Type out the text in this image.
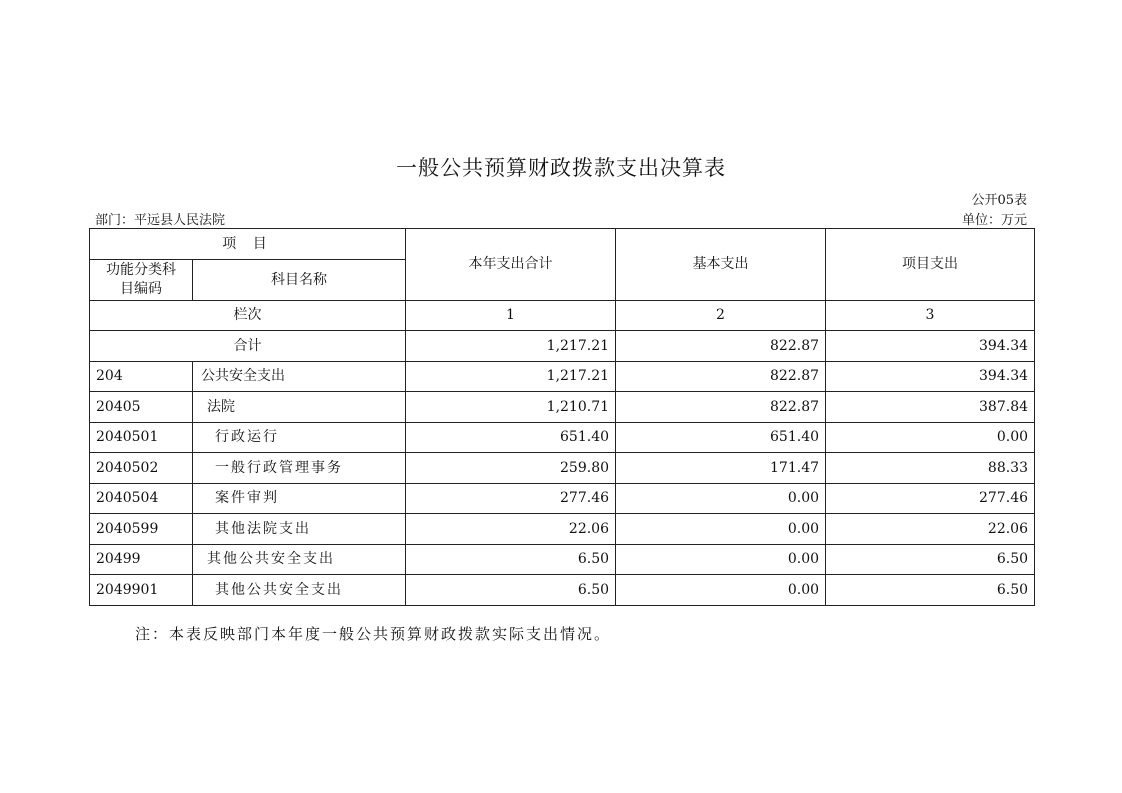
一般公共预算财政拨款支出决算表
公开05表
部门：平远县人民法院	单位：万元
项 目		本年支出合计	基本支出	项目支出
功能分类科目编码	科目名称			
栏次		1	2	3
合计		1,217.21	822.87	394.34
204	公共安全支出	1,217.21	822.87	394.34
20405	法院	1,210.71	822.87	387.84
2040501	行政运行	651.40	651.40	0.00
2040502	一般行政管理事务	259.80	171.47	88.33
2040504	案件审判	277.46	0.00	277.46
2040599	其他法院支出	22.06	0.00	22.06
20499	其他公共安全支出	6.50	0.00	6.50
2049901	其他公共安全支出	6.50	0.00	6.50
注：本表反映部门本年度一般公共预算财政拨款实际支出情况。
